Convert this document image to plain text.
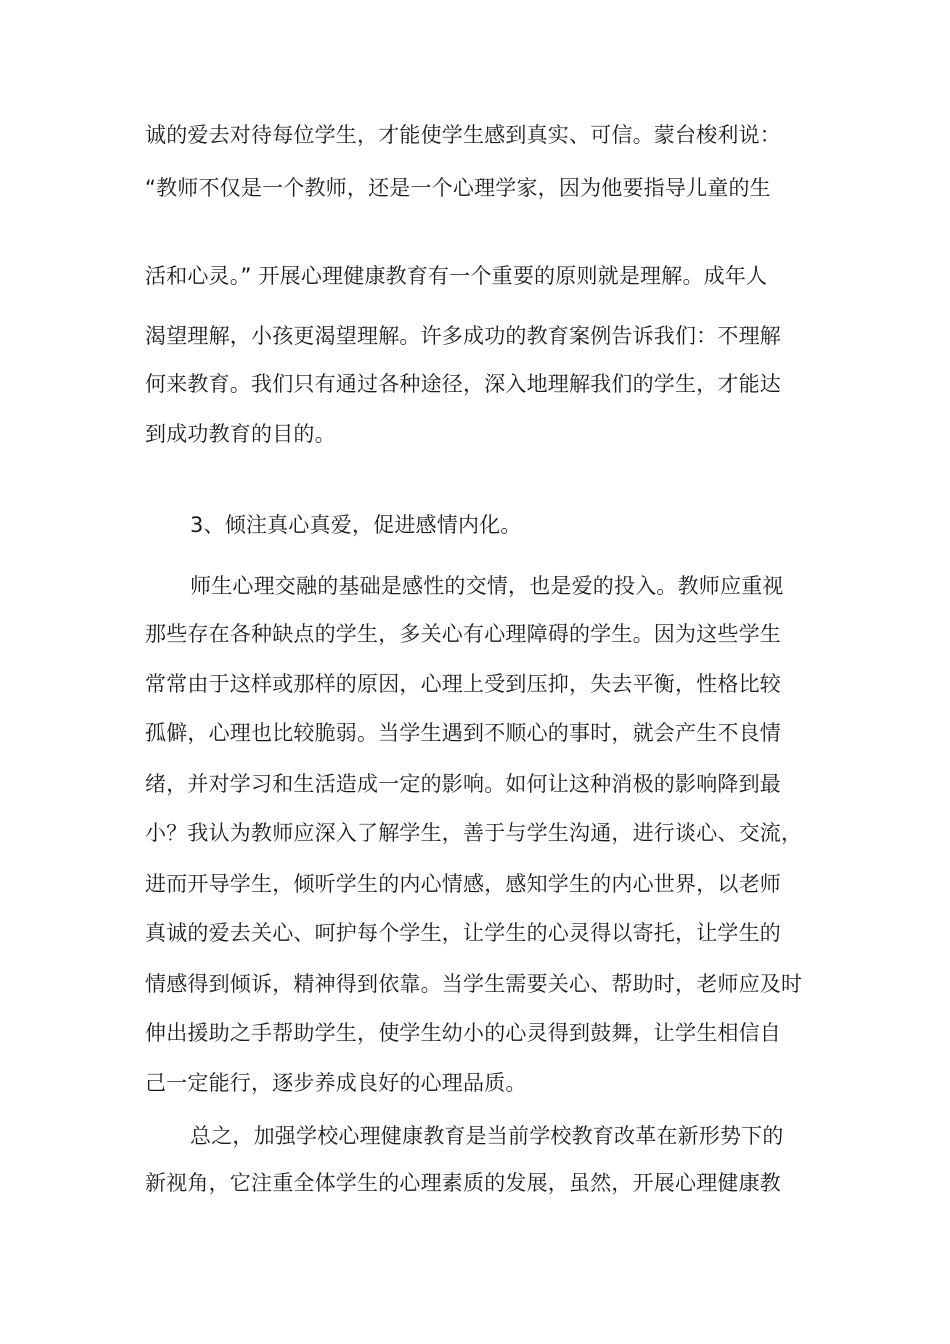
诚的爱去对待每位学生，才能使学生感到真实、可信。蒙台梭利说：
“教师不仅是一个教师，还是一个心理学家，因为他要指导儿童的生
活和心灵。” 开展心理健康教育有一个重要的原则就是理解。成年人
渴望理解，小孩更渴望理解。许多成功的教育案例告诉我们：不理解
何来教育。我们只有通过各种途径，深入地理解我们的学生，才能达
到成功教育的目的。
3、倾注真心真爱，促进感情内化。
师生心理交融的基础是感性的交情，也是爱的投入。教师应重视
那些存在各种缺点的学生，多关心有心理障碍的学生。因为这些学生
常常由于这样或那样的原因，心理上受到压抑，失去平衡，性格比较
孤僻，心理也比较脆弱。当学生遇到不顺心的事时，就会产生不良情
绪，并对学习和生活造成一定的影响。如何让这种消极的影响降到最
小？我认为教师应深入了解学生，善于与学生沟通，进行谈心、交流，
进而开导学生，倾听学生的内心情感，感知学生的内心世界，以老师
真诚的爱去关心、呵护每个学生，让学生的心灵得以寄托，让学生的
情感得到倾诉，精神得到依靠。当学生需要关心、帮助时，老师应及时
伸出援助之手帮助学生，使学生幼小的心灵得到鼓舞，让学生相信自
己一定能行，逐步养成良好的心理品质。
总之，加强学校心理健康教育是当前学校教育改革在新形势下的
新视角，它注重全体学生的心理素质的发展，虽然，开展心理健康教
